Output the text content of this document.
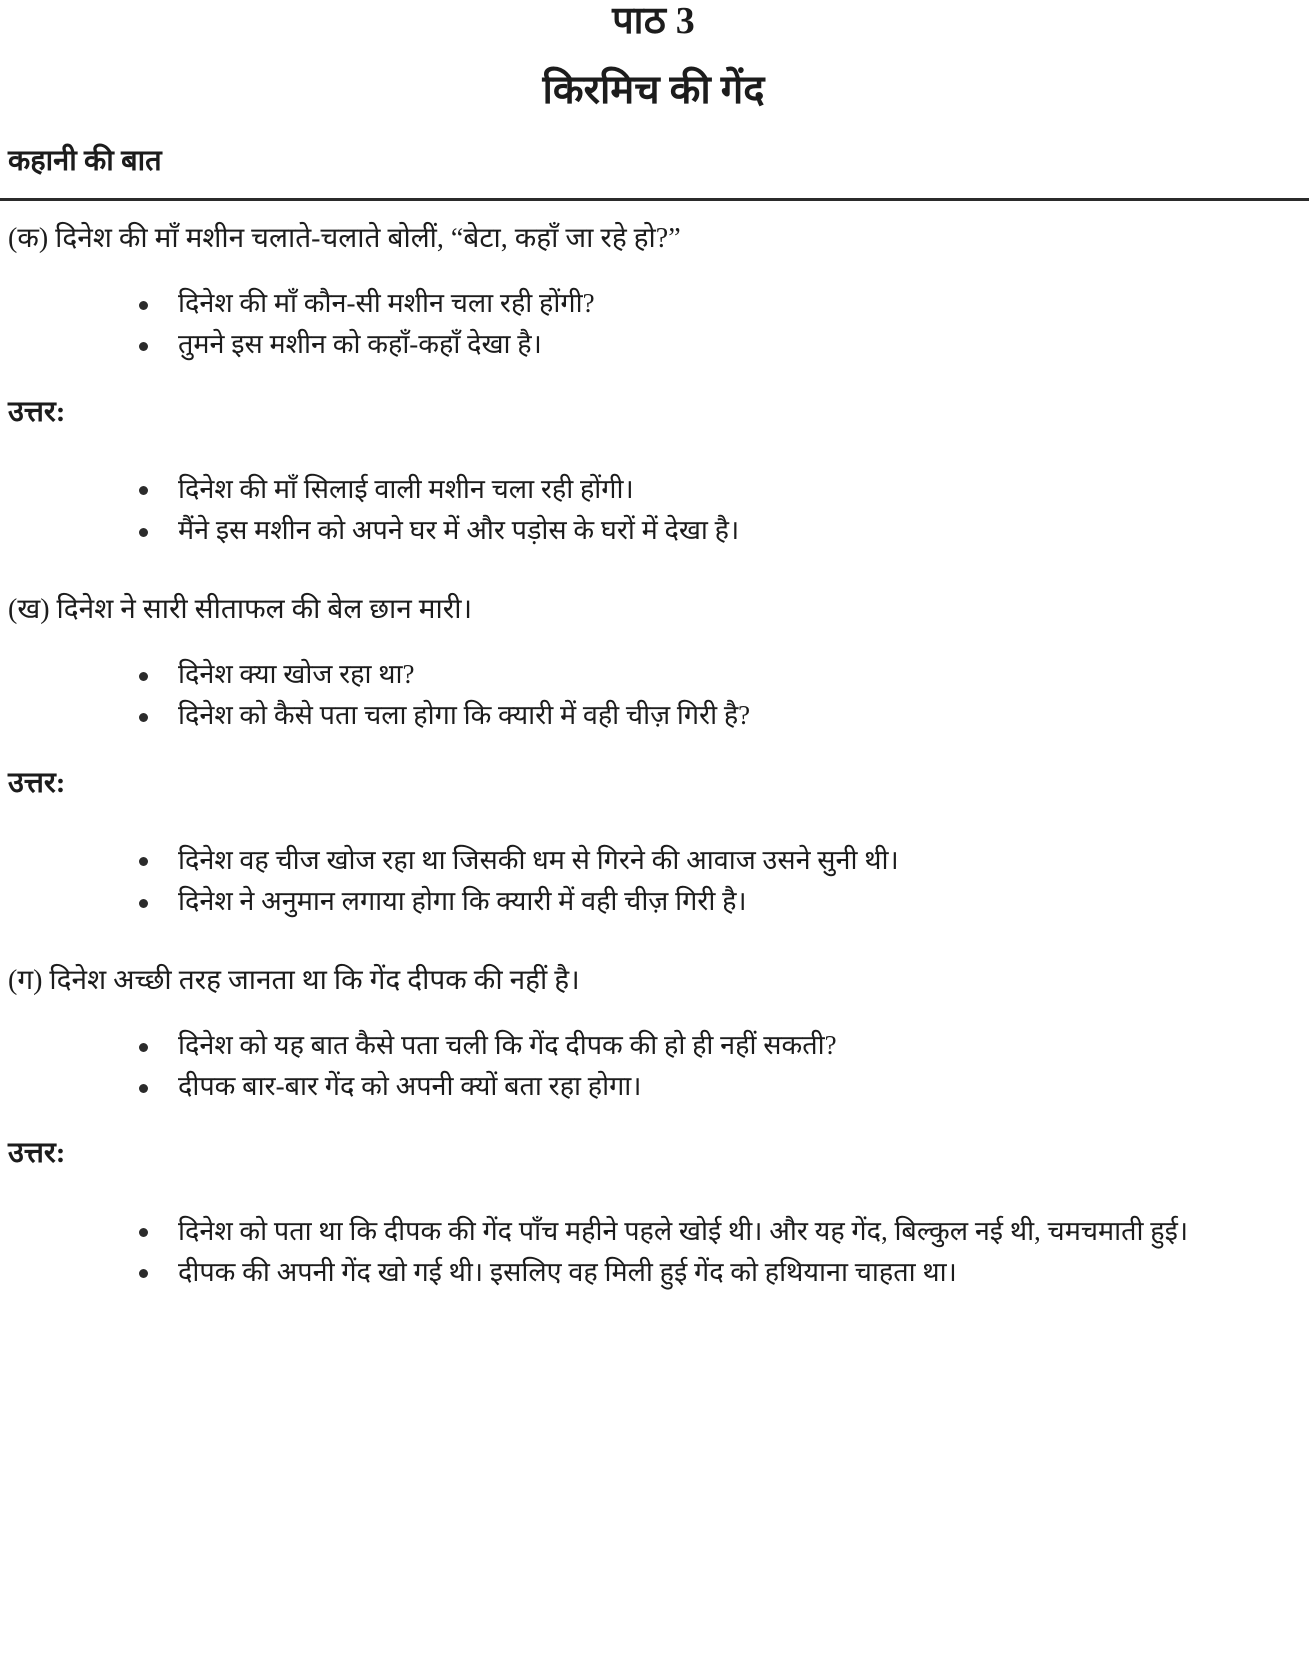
पाठ 3
किरमिच की गेंद
कहानी की बात

(क) दिनेश की माँ मशीन चलाते-चलाते बोलीं, “बेटा, कहाँ जा रहे हो?”

दिनेश की माँ कौन-सी मशीन चला रही होंगी?
तुमने इस मशीन को कहाँ-कहाँ देखा है।
उत्तर:
दिनेश की माँ सिलाई वाली मशीन चला रही होंगी।
मैंने इस मशीन को अपने घर में और पड़ोस के घरों में देखा है।

(ख) दिनेश ने सारी सीताफल की बेल छान मारी।

दिनेश क्या खोज रहा था?
दिनेश को कैसे पता चला होगा कि क्यारी में वही चीज़ गिरी है?
उत्तर:
दिनेश वह चीज खोज रहा था जिसकी धम से गिरने की आवाज उसने सुनी थी।
दिनेश ने अनुमान लगाया होगा कि क्यारी में वही चीज़ गिरी है।

(ग) दिनेश अच्छी तरह जानता था कि गेंद दीपक की नहीं है।

दिनेश को यह बात कैसे पता चली कि गेंद दीपक की हो ही नहीं सकती?
दीपक बार-बार गेंद को अपनी क्यों बता रहा होगा।
उत्तर:
दिनेश को पता था कि दीपक की गेंद पाँच महीने पहले खोई थी। और यह गेंद, बिल्कुल नई थी, चमचमाती हुई।
दीपक की अपनी गेंद खो गई थी। इसलिए वह मिली हुई गेंद को हथियाना चाहता था।
